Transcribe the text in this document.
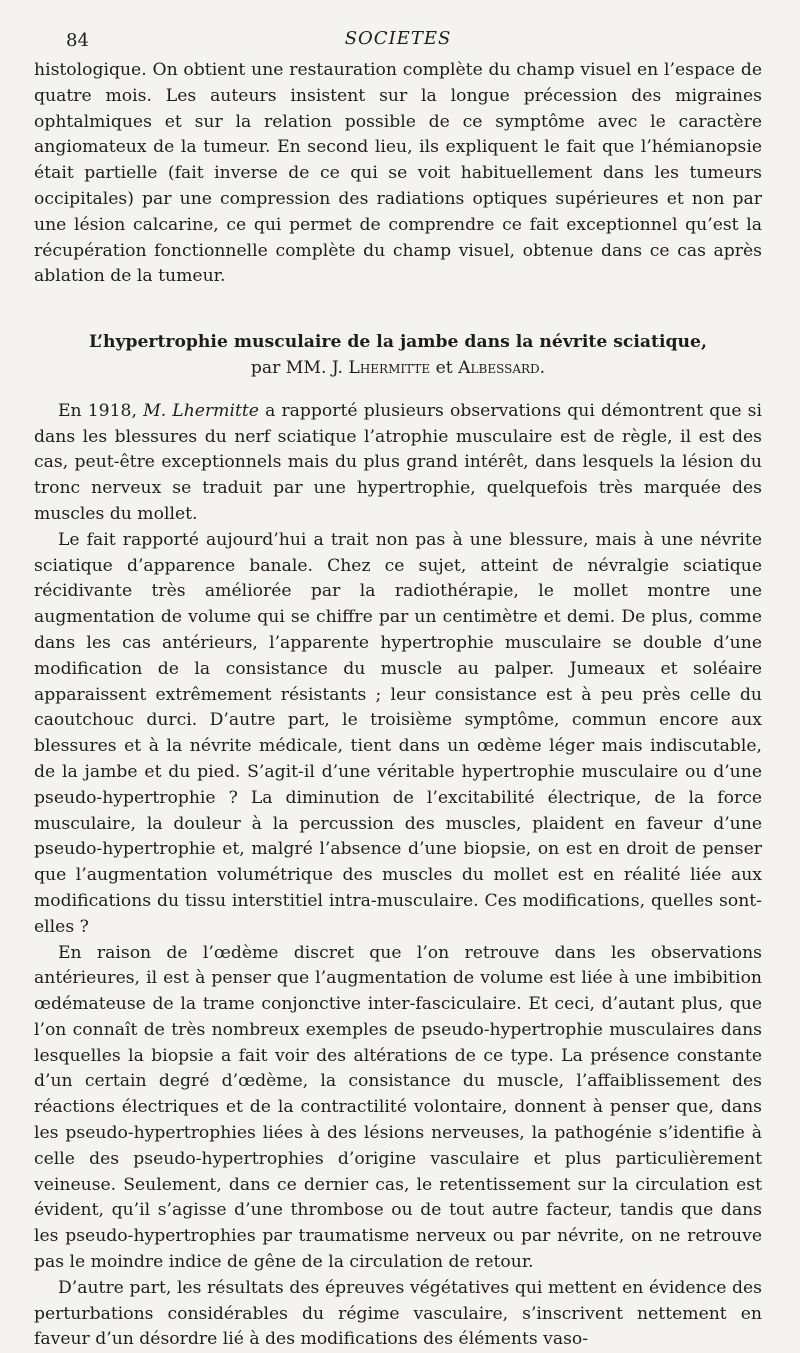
84	SOCIETES

histologique. On obtient une restauration complète du champ visuel en l’espace de quatre mois. Les auteurs insistent sur la longue précession des migraines ophtalmiques et sur la relation possible de ce symptôme avec le caractère angiomateux de la tumeur. En second lieu, ils expliquent le fait que l’hémianopsie était partielle (fait inverse de ce qui se voit habituellement dans les tumeurs occipitales) par une compression des radiations optiques supérieures et non par une lésion calcarine, ce qui permet de comprendre ce fait exceptionnel qu’est la récupération fonctionnelle complète du champ visuel, obtenue dans ce cas après ablation de la tumeur.

L’hypertrophie musculaire de la jambe dans la névrite sciatique,
par MM. J. Lhermitte et Albessard.

En 1918, M. Lhermitte a rapporté plusieurs observations qui démontrent que si dans les blessures du nerf sciatique l’atrophie musculaire est de règle, il est des cas, peut-être exceptionnels mais du plus grand intérêt, dans lesquels la lésion du tronc nerveux se traduit par une hypertrophie, quelquefois très marquée des muscles du mollet.

Le fait rapporté aujourd’hui a trait non pas à une blessure, mais à une névrite sciatique d’apparence banale. Chez ce sujet, atteint de névralgie sciatique récidivante très améliorée par la radiothérapie, le mollet montre une augmentation de volume qui se chiffre par un centimètre et demi. De plus, comme dans les cas antérieurs, l’apparente hypertrophie musculaire se double d’une modification de la consistance du muscle au palper. Jumeaux et soléaire apparaissent extrêmement résistants ; leur consistance est à peu près celle du caoutchouc durci. D’autre part, le troisième symptôme, commun encore aux blessures et à la névrite médicale, tient dans un œdème léger mais indiscutable, de la jambe et du pied. S’agit-il d’une véritable hypertrophie musculaire ou d’une pseudo-hypertrophie ? La diminution de l’excitabilité électrique, de la force musculaire, la douleur à la percussion des muscles, plaident en faveur d’une pseudo-hypertrophie et, malgré l’absence d’une biopsie, on est en droit de penser que l’augmentation volumétrique des muscles du mollet est en réalité liée aux modifications du tissu interstitiel intra-musculaire. Ces modifications, quelles sont-elles ?

En raison de l’œdème discret que l’on retrouve dans les observations antérieures, il est à penser que l’augmentation de volume est liée à une imbibition œdémateuse de la trame conjonctive inter-fasciculaire. Et ceci, d’autant plus, que l’on connaît de très nombreux exemples de pseudo-hypertrophie musculaires dans lesquelles la biopsie a fait voir des altérations de ce type. La présence constante d’un certain degré d’œdème, la consistance du muscle, l’affaiblissement des réactions électriques et de la contractilité volontaire, donnent à penser que, dans les pseudo-hypertrophies liées à des lésions nerveuses, la pathogénie s’identifie à celle des pseudo-hypertrophies d’origine vasculaire et plus particulièrement veineuse. Seulement, dans ce dernier cas, le retentissement sur la circulation est évident, qu’il s’agisse d’une thrombose ou de tout autre facteur, tandis que dans les pseudo-hypertrophies par traumatisme nerveux ou par névrite, on ne retrouve pas le moindre indice de gêne de la circulation de retour.

D’autre part, les résultats des épreuves végétatives qui mettent en évidence des perturbations considérables du régime vasculaire, s’inscrivent nettement en faveur d’un désordre lié à des modifications des éléments vaso-
